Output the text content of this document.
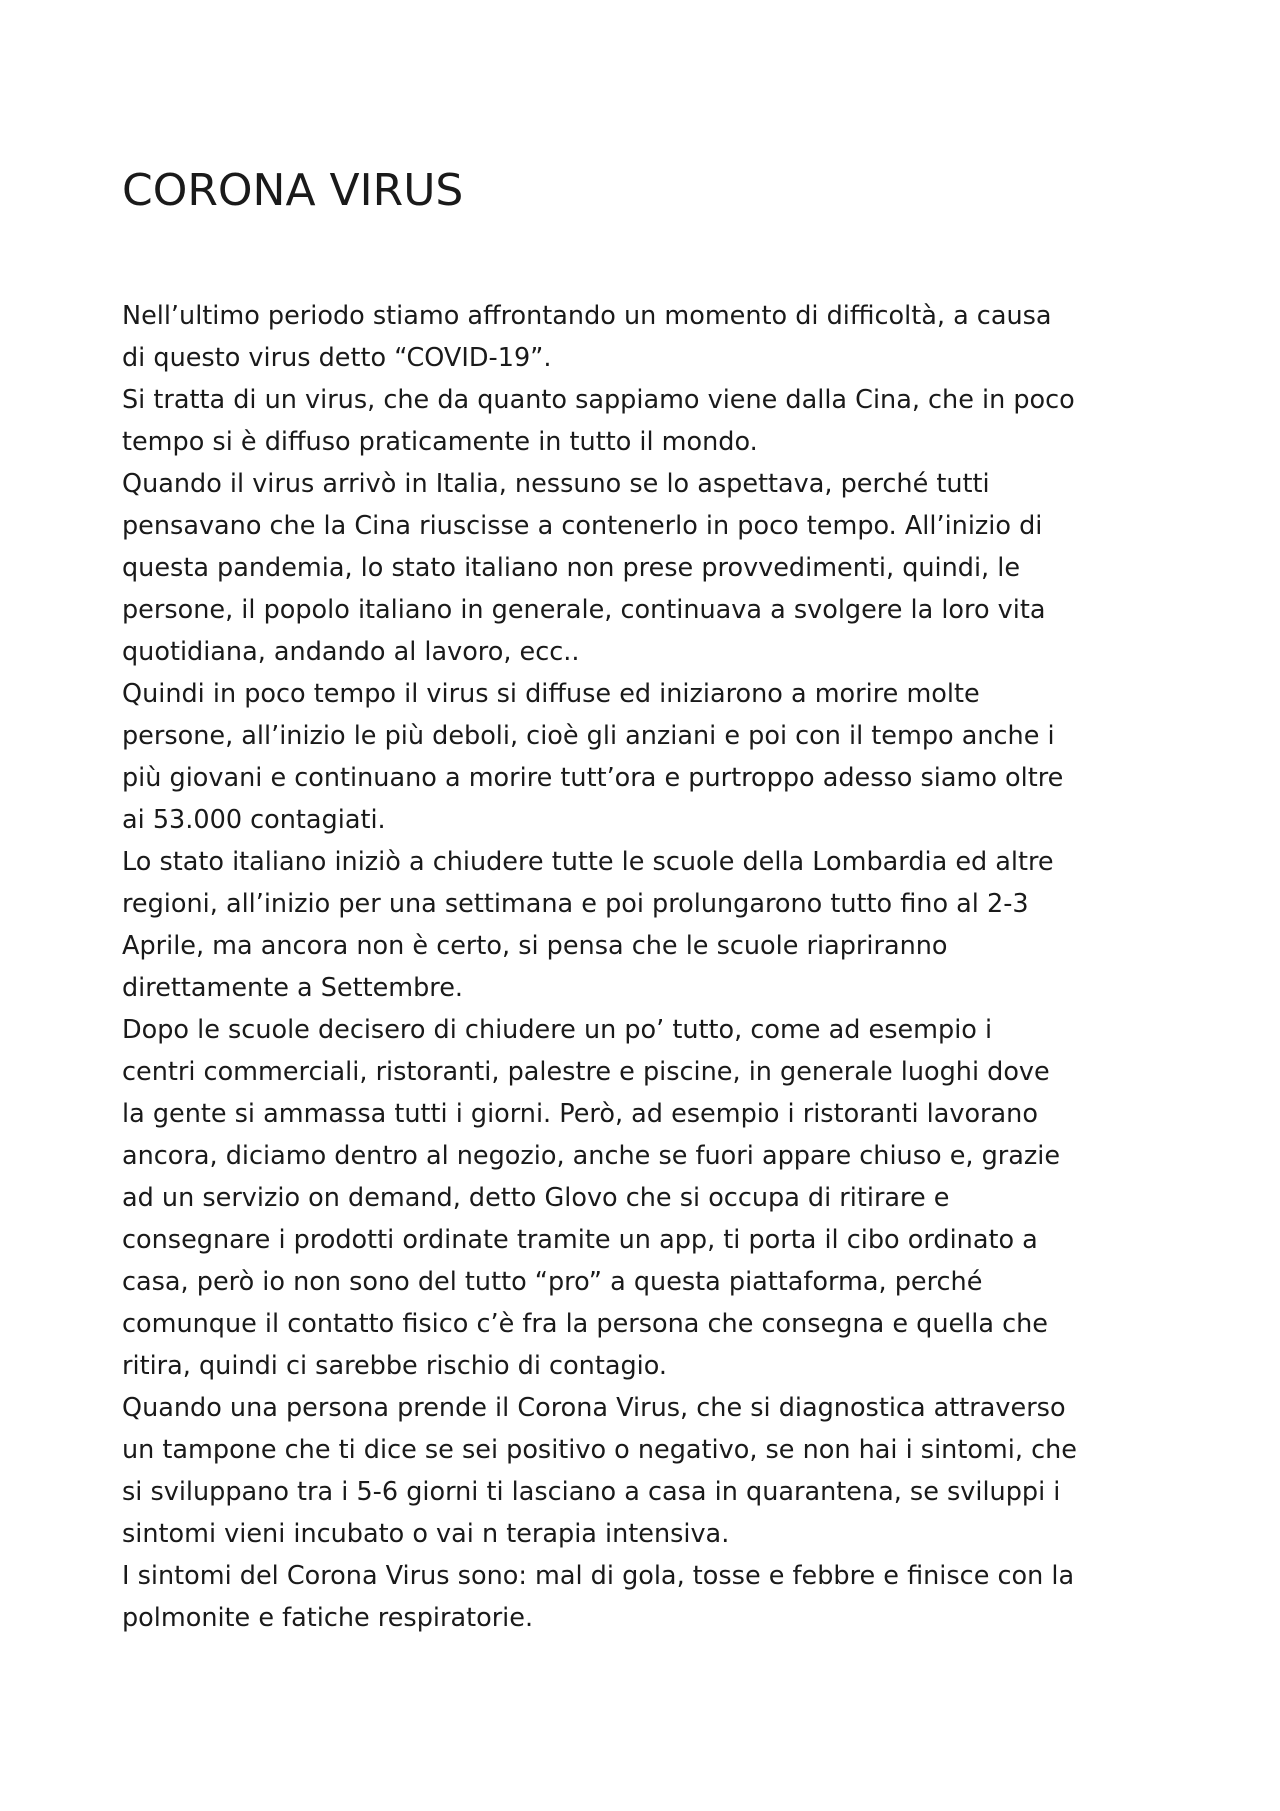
CORONA VIRUS
Nell’ultimo periodo stiamo affrontando un momento di difficoltà, a causa
di questo virus detto “COVID-19”.
Si tratta di un virus, che da quanto sappiamo viene dalla Cina, che in poco
tempo si è diffuso praticamente in tutto il mondo.
Quando il virus arrivò in Italia, nessuno se lo aspettava, perché tutti
pensavano che la Cina riuscisse a contenerlo in poco tempo. All’inizio di
questa pandemia, lo stato italiano non prese provvedimenti, quindi, le
persone, il popolo italiano in generale, continuava a svolgere la loro vita
quotidiana, andando al lavoro, ecc..
Quindi in poco tempo il virus si diffuse ed iniziarono a morire molte
persone, all’inizio le più deboli, cioè gli anziani e poi con il tempo anche i
più giovani e continuano a morire tutt’ora e purtroppo adesso siamo oltre
ai 53.000 contagiati.
Lo stato italiano iniziò a chiudere tutte le scuole della Lombardia ed altre
regioni, all’inizio per una settimana e poi prolungarono tutto fino al 2-3
Aprile, ma ancora non è certo, si pensa che le scuole riapriranno
direttamente a Settembre.
Dopo le scuole decisero di chiudere un po’ tutto, come ad esempio i
centri commerciali, ristoranti, palestre e piscine, in generale luoghi dove
la gente si ammassa tutti i giorni. Però, ad esempio i ristoranti lavorano
ancora, diciamo dentro al negozio, anche se fuori appare chiuso e, grazie
ad un servizio on demand, detto Glovo che si occupa di ritirare e
consegnare i prodotti ordinate tramite un app, ti porta il cibo ordinato a
casa, però io non sono del tutto “pro” a questa piattaforma, perché
comunque il contatto fisico c’è fra la persona che consegna e quella che
ritira, quindi ci sarebbe rischio di contagio.
Quando una persona prende il Corona Virus, che si diagnostica attraverso
un tampone che ti dice se sei positivo o negativo, se non hai i sintomi, che
si sviluppano tra i 5-6 giorni ti lasciano a casa in quarantena, se sviluppi i
sintomi vieni incubato o vai n terapia intensiva.
I sintomi del Corona Virus sono: mal di gola, tosse e febbre e finisce con la
polmonite e fatiche respiratorie.
